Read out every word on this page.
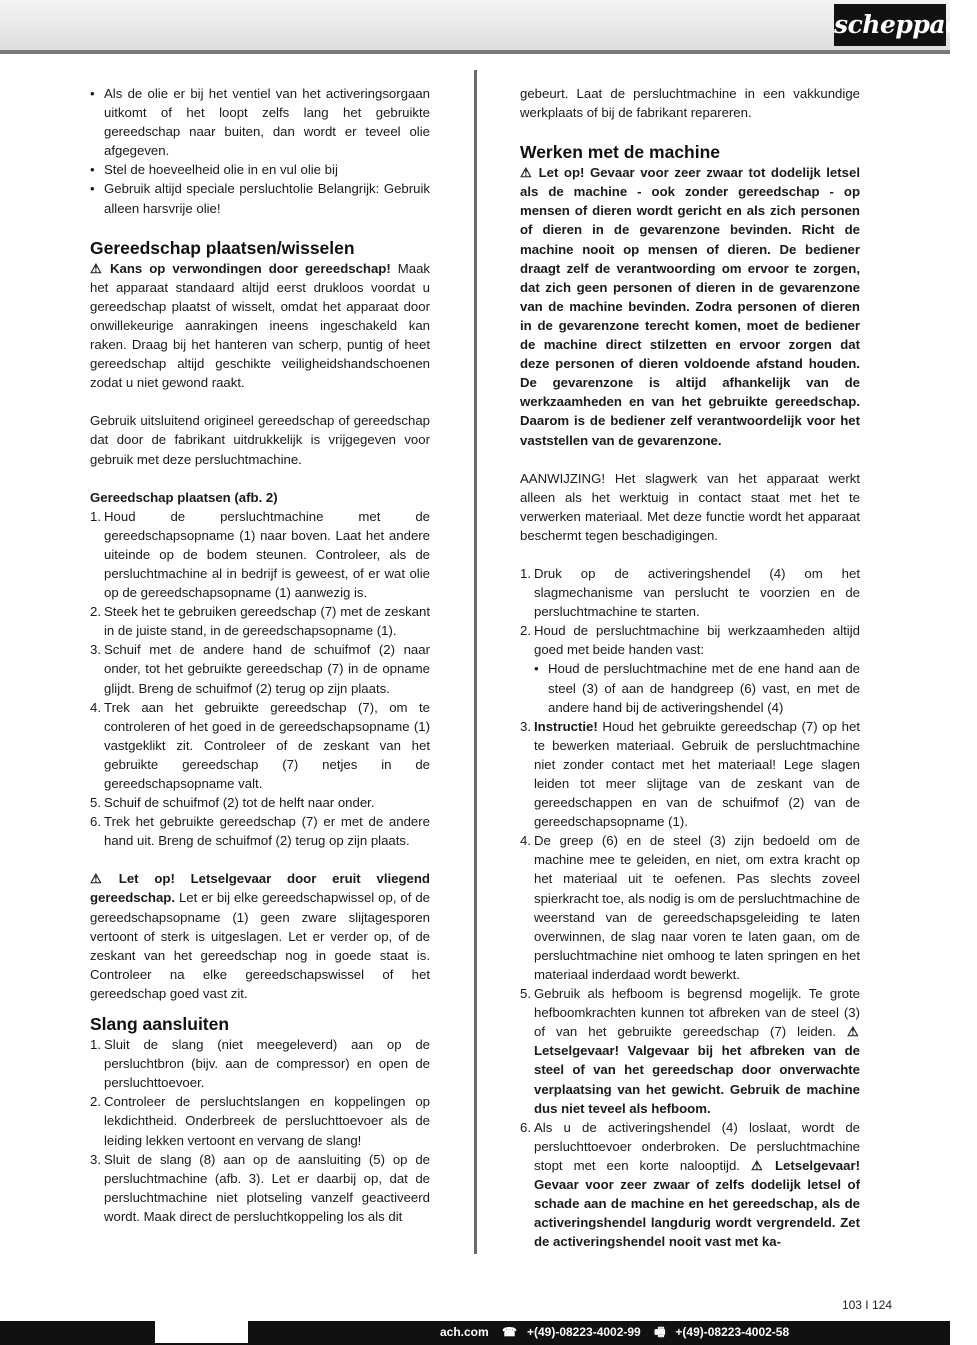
scheppach
• Als de olie er bij het ventiel van het activeringsorgaan uitkomt of het loopt zelfs lang het gebruikte gereedschap naar buiten, dan wordt er teveel olie afgegeven.
• Stel de hoeveelheid olie in en vul olie bij
• Gebruik altijd speciale persluchtolie Belangrijk: Gebruik alleen harsvrije olie!
Gereedschap plaatsen/wisselen

⚠ Kans op verwondingen door gereedschap! Maak het apparaat standaard altijd eerst drukloos voordat u gereedschap plaatst of wisselt, omdat het apparaat door onwillekeurige aanrakingen ineens ingeschakeld kan raken. Draag bij het hanteren van scherp, puntig of heet gereedschap altijd geschikte veiligheidshandschoenen zodat u niet gewond raakt.

Gebruik uitsluitend origineel gereedschap of gereedschap dat door de fabrikant uitdrukkelijk is vrijgegeven voor gebruik met deze persluchtmachine.

Gereedschap plaatsen (afb. 2)
1. Houd de persluchtmachine met de gereedschapsopname (1) naar boven. Laat het andere uiteinde op de bodem steunen. Controleer, als de persluchtmachine al in bedrijf is geweest, of er wat olie op de gereedschapsopname (1) aanwezig is.
2. Steek het te gebruiken gereedschap (7) met de zeskant in de juiste stand, in de gereedschapsopname (1).
3. Schuif met de andere hand de schuifmof (2) naar onder, tot het gebruikte gereedschap (7) in de opname glijdt. Breng de schuifmof (2) terug op zijn plaats.
4. Trek aan het gebruikte gereedschap (7), om te controleren of het goed in de gereedschapsopname (1) vastgeklikt zit. Controleer of de zeskant van het gebruikte gereedschap (7) netjes in de gereedschapsopname valt.
5. Schuif de schuifmof (2) tot de helft naar onder.
6. Trek het gebruikte gereedschap (7) er met de andere hand uit. Breng de schuifmof (2) terug op zijn plaats.

⚠ Let op! Letselgevaar door eruit vliegend gereedschap. Let er bij elke gereedschapwissel op, of de gereedschapsopname (1) geen zware slijtagesporen vertoont of sterk is uitgeslagen. Let er verder op, of de zeskant van het gereedschap nog in goede staat is. Controleer na elke gereedschapswissel of het gereedschap goed vast zit.

Slang aansluiten
1. Sluit de slang (niet meegeleverd) aan op de persluchtbron (bijv. aan de compressor) en open de persluchttoevoer.
2. Controleer de persluchtslangen en koppelingen op lekdichtheid. Onderbreek de persluchttoevoer als de leiding lekken vertoont en vervang de slang!
3. Sluit de slang (8) aan op de aansluiting (5) op de persluchtmachine (afb. 3). Let er daarbij op, dat de persluchtmachine niet plotseling vanzelf geactiveerd wordt. Maak direct de persluchtkoppeling los als dit

gebeurt. Laat de persluchtmachine in een vakkundige werkplaats of bij de fabrikant repareren.

Werken met de machine

⚠ Let op! Gevaar voor zeer zwaar tot dodelijk letsel als de machine - ook zonder gereedschap - op mensen of dieren wordt gericht en als zich personen of dieren in de gevarenzone bevinden. Richt de machine nooit op mensen of dieren. De bediener draagt zelf de verantwoording om ervoor te zorgen, dat zich geen personen of dieren in de gevarenzone van de machine bevinden. Zodra personen of dieren in de gevarenzone terecht komen, moet de bediener de machine direct stilzetten en ervoor zorgen dat deze personen of dieren voldoende afstand houden. De gevarenzone is altijd afhankelijk van de werkzaamheden en van het gebruikte gereedschap. Daarom is de bediener zelf verantwoordelijk voor het vaststellen van de gevarenzone.

AANWIJZING! Het slagwerk van het apparaat werkt alleen als het werktuig in contact staat met het te verwerken materiaal. Met deze functie wordt het apparaat beschermt tegen beschadigingen.

1. Druk op de activeringshendel (4) om het slagmechanisme van perslucht te voorzien en de persluchtmachine te starten.
2. Houd de persluchtmachine bij werkzaamheden altijd goed met beide handen vast:
• Houd de persluchtmachine met de ene hand aan de steel (3) of aan de handgreep (6) vast, en met de andere hand bij de activeringshendel (4)
3. Instructie! Houd het gebruikte gereedschap (7) op het te bewerken materiaal. Gebruik de persluchtmachine niet zonder contact met het materiaal! Lege slagen leiden tot meer slijtage van de zeskant van de gereedschappen en van de schuifmof (2) van de gereedschapsopname (1).
4. De greep (6) en de steel (3) zijn bedoeld om de machine mee te geleiden, en niet, om extra kracht op het materiaal uit te oefenen. Pas slechts zoveel spierkracht toe, als nodig is om de persluchtmachine de weerstand van de gereedschapsgeleiding te laten overwinnen, de slag naar voren te laten gaan, om de persluchtmachine niet omhoog te laten springen en het materiaal inderdaad wordt bewerkt.
5. Gebruik als hefboom is begrensd mogelijk. Te grote hefboomkrachten kunnen tot afbreken van de steel (3) of van het gebruikte gereedschap (7) leiden. ⚠ Letselgevaar! Valgevaar bij het afbreken van de steel of van het gereedschap door onverwachte verplaatsing van het gewicht. Gebruik de machine dus niet teveel als hefboom.
6. Als u de activeringshendel (4) loslaat, wordt de persluchttoevoer onderbroken. De persluchtmachine stopt met een korte nalooptijd. ⚠ Letselgevaar! Gevaar voor zeer zwaar of zelfs dodelijk letsel of schade aan de machine en het gereedschap, als de activeringshendel langdurig wordt vergrendeld. Zet de activeringshendel nooit vast met ka-
103 I 124
ach.com ☎ +(49)-08223-4002-99 🖷 +(49)-08223-4002-58
